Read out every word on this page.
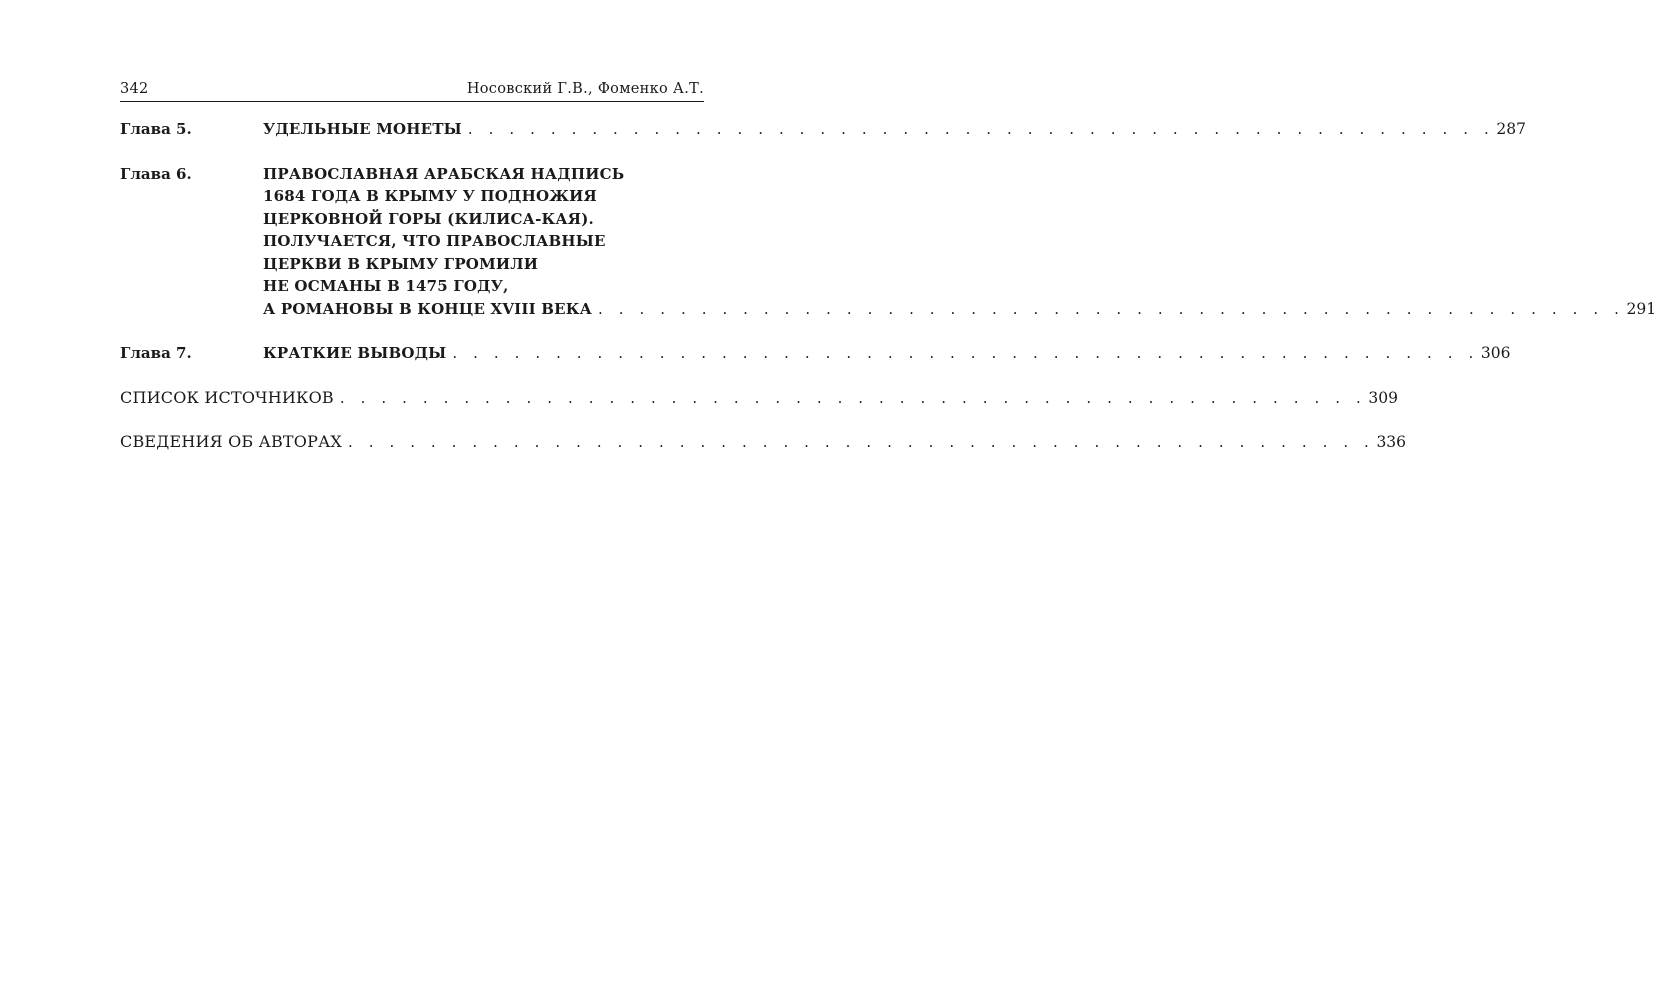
342	Носовский Г.В., Фоменко А.Т.
Глава 5.	УДЕЛЬНЫЕ МОНЕТЫ . . . . . . . . . . . . . . . . . . . . . . . . . . . . . . . . . . . . . . . . . . . . . . . . . . 287
Глава 6.	ПРАВОСЛАВНАЯ АРАБСКАЯ НАДПИСЬ
1684 ГОДА В КРЫМУ У ПОДНОЖИЯ
ЦЕРКОВНОЙ ГОРЫ (КИЛИСА-КАЯ).
ПОЛУЧАЕТСЯ, ЧТО ПРАВОСЛАВНЫЕ
ЦЕРКВИ В КРЫМУ ГРОМИЛИ
НЕ ОСМАНЫ В 1475 ГОДУ,
А РОМАНОВЫ В КОНЦЕ XVIII ВЕКА . . . . . . . . . . . . . . . . . . . . . . . . . . . . . . . . . . . . . . . . . . . . . . . . . . 291
Глава 7.	КРАТКИЕ ВЫВОДЫ . . . . . . . . . . . . . . . . . . . . . . . . . . . . . . . . . . . . . . . . . . . . . . . . . . 306
СПИСОК ИСТОЧНИКОВ . . . . . . . . . . . . . . . . . . . . . . . . . . . . . . . . . . . . . . . . . . . . . . . . . . 309
СВЕДЕНИЯ ОБ АВТОРАХ . . . . . . . . . . . . . . . . . . . . . . . . . . . . . . . . . . . . . . . . . . . . . . . . . . 336
